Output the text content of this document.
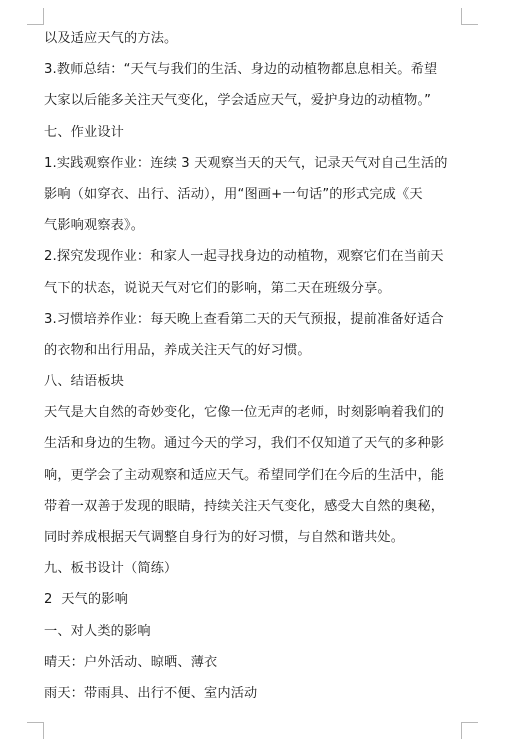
以及适应天气的方法。
3.教师总结：“天气与我们的生活、身边的动植物都息息相关。希望
大家以后能多关注天气变化，学会适应天气，爱护身边的动植物。”
七、作业设计
1.实践观察作业：连续 3 天观察当天的天气，记录天气对自己生活的
影响（如穿衣、出行、活动），用“图画+一句话”的形式完成《天
气影响观察表》。
2.探究发现作业：和家人一起寻找身边的动植物，观察它们在当前天
气下的状态，说说天气对它们的影响，第二天在班级分享。
3.习惯培养作业：每天晚上查看第二天的天气预报，提前准备好适合
的衣物和出行用品，养成关注天气的好习惯。
八、结语板块
天气是大自然的奇妙变化，它像一位无声的老师，时刻影响着我们的
生活和身边的生物。通过今天的学习，我们不仅知道了天气的多种影
响，更学会了主动观察和适应天气。希望同学们在今后的生活中，能
带着一双善于发现的眼睛，持续关注天气变化，感受大自然的奥秘，
同时养成根据天气调整自身行为的好习惯，与自然和谐共处。
九、板书设计（简练）
2  天气的影响
一、对人类的影响
晴天：户外活动、晾晒、薄衣
雨天：带雨具、出行不便、室内活动
